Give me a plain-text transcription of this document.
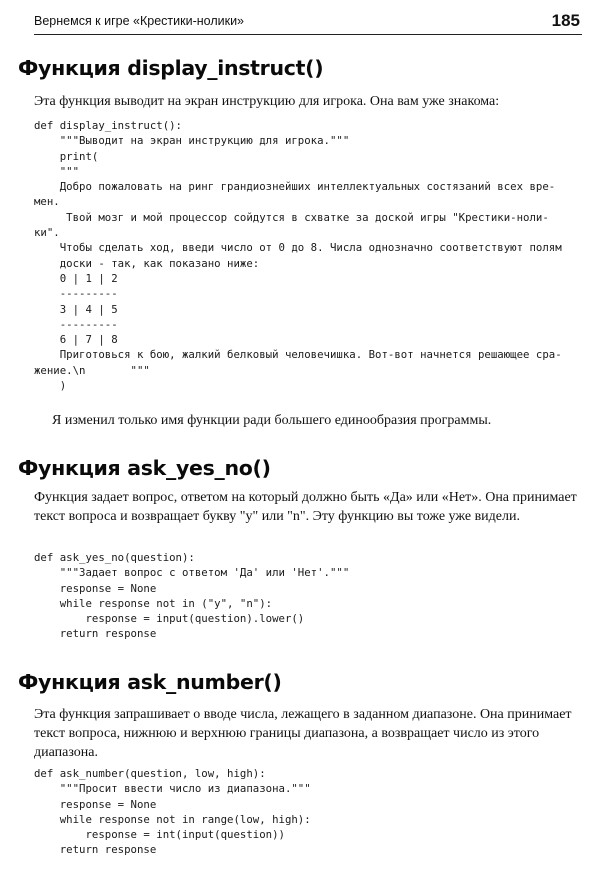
Вернемся к игре «Крестики-нолики»	185
Функция display_instruct()

Эта функция выводит на экран инструкцию для игрока. Она вам уже знакома:

def display_instruct():
"""Выводит на экран инструкцию для игрока."""
print(
"""
Добро пожаловать на ринг грандиознейших интеллектуальных состязаний всех вре-
мен.
Твой мозг и мой процессор сойдутся в схватке за доской игры "Крестики-ноли-
ки".
Чтобы сделать ход, введи число от 0 до 8. Числа однозначно соответствуют полям
доски - так, как показано ниже:
0 | 1 | 2
---------
3 | 4 | 5
---------
6 | 7 | 8
Приготовься к бою, жалкий белковый человечишка. Вот-вот начнется решающее сра-
жение.\n       """
)

Я изменил только имя функции ради большего единообразия программы.

Функция ask_yes_no()

Функция задает вопрос, ответом на который должно быть «Да» или «Нет». Она принимает текст вопроса и возвращает букву "у" или "n". Эту функцию вы тоже уже видели.

def ask_yes_no(question):
"""Задает вопрос с ответом 'Да' или 'Нет'."""
response = None
while response not in ("y", "n"):
response = input(question).lower()
return response
Функция ask_number()

Эта функция запрашивает о вводе числа, лежащего в заданном диапазоне. Она принимает текст вопроса, нижнюю и верхнюю границы диапазона, а возвращает число из этого диапазона.

def ask_number(question, low, high):
"""Просит ввести число из диапазона."""
response = None
while response not in range(low, high):
response = int(input(question))
return response
